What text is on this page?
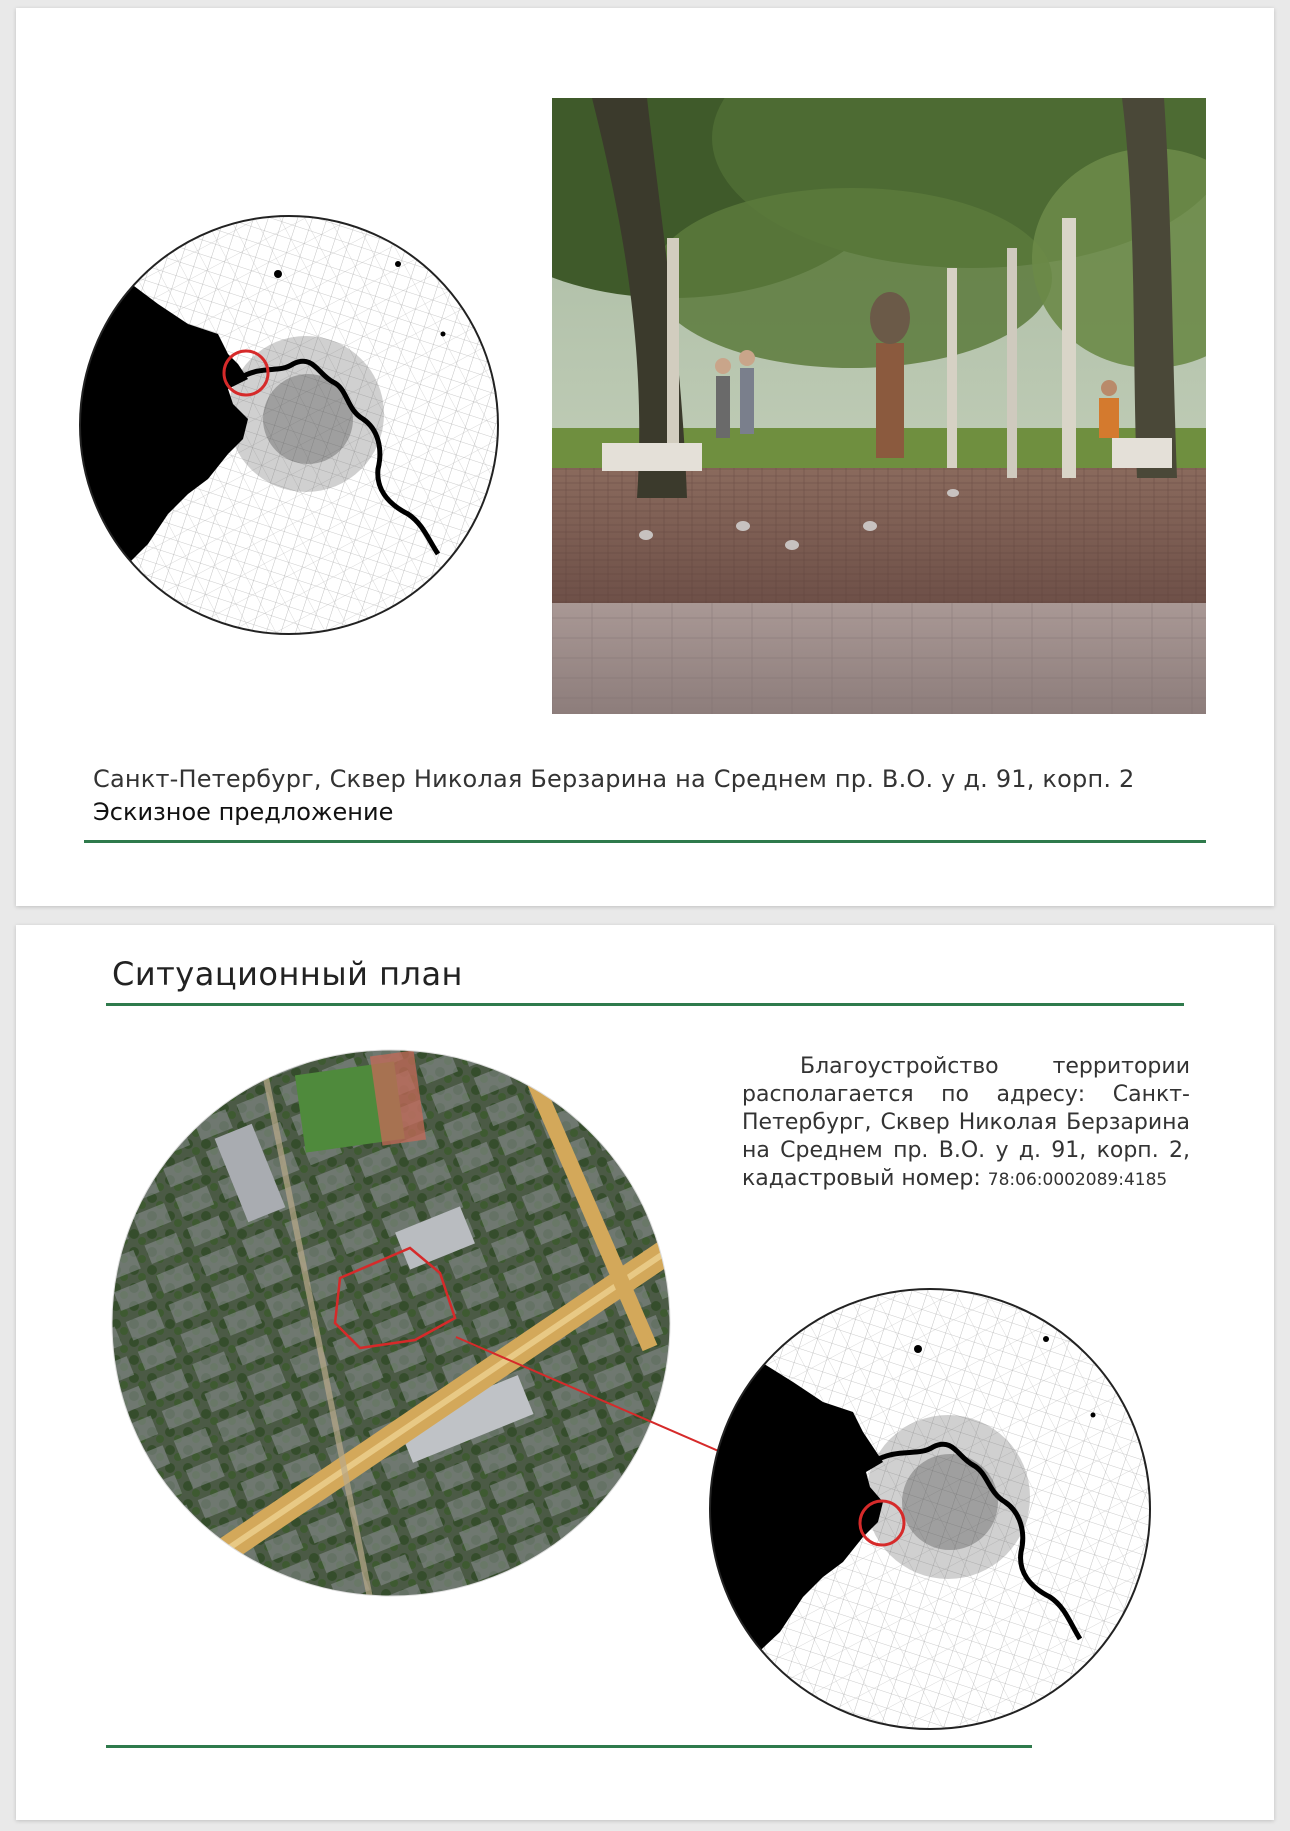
Санкт-Петербург, Сквер Николая Берзарина на Среднем пр. В.О. у д. 91, корп. 2
Эскизное предложение
Ситуационный план
Благоустройство территории располагается по адресу: Санкт-Петербург, Сквер Николая Берзарина на Среднем пр. В.О. у д. 91, корп. 2, кадастровый номер: 78:06:0002089:4185
